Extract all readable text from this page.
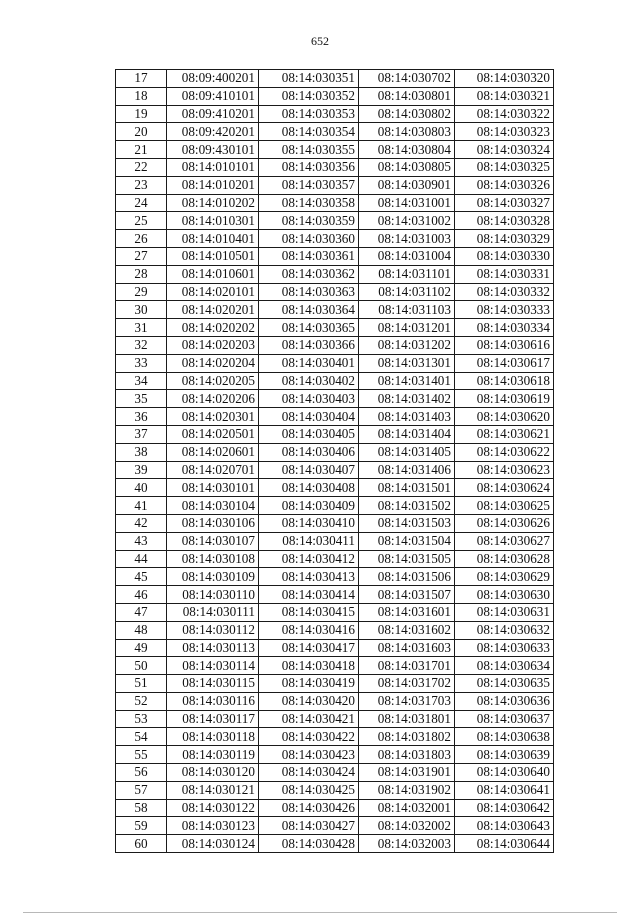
652
17	08:09:400201	08:14:030351	08:14:030702	08:14:030320
18	08:09:410101	08:14:030352	08:14:030801	08:14:030321
19	08:09:410201	08:14:030353	08:14:030802	08:14:030322
20	08:09:420201	08:14:030354	08:14:030803	08:14:030323
21	08:09:430101	08:14:030355	08:14:030804	08:14:030324
22	08:14:010101	08:14:030356	08:14:030805	08:14:030325
23	08:14:010201	08:14:030357	08:14:030901	08:14:030326
24	08:14:010202	08:14:030358	08:14:031001	08:14:030327
25	08:14:010301	08:14:030359	08:14:031002	08:14:030328
26	08:14:010401	08:14:030360	08:14:031003	08:14:030329
27	08:14:010501	08:14:030361	08:14:031004	08:14:030330
28	08:14:010601	08:14:030362	08:14:031101	08:14:030331
29	08:14:020101	08:14:030363	08:14:031102	08:14:030332
30	08:14:020201	08:14:030364	08:14:031103	08:14:030333
31	08:14:020202	08:14:030365	08:14:031201	08:14:030334
32	08:14:020203	08:14:030366	08:14:031202	08:14:030616
33	08:14:020204	08:14:030401	08:14:031301	08:14:030617
34	08:14:020205	08:14:030402	08:14:031401	08:14:030618
35	08:14:020206	08:14:030403	08:14:031402	08:14:030619
36	08:14:020301	08:14:030404	08:14:031403	08:14:030620
37	08:14:020501	08:14:030405	08:14:031404	08:14:030621
38	08:14:020601	08:14:030406	08:14:031405	08:14:030622
39	08:14:020701	08:14:030407	08:14:031406	08:14:030623
40	08:14:030101	08:14:030408	08:14:031501	08:14:030624
41	08:14:030104	08:14:030409	08:14:031502	08:14:030625
42	08:14:030106	08:14:030410	08:14:031503	08:14:030626
43	08:14:030107	08:14:030411	08:14:031504	08:14:030627
44	08:14:030108	08:14:030412	08:14:031505	08:14:030628
45	08:14:030109	08:14:030413	08:14:031506	08:14:030629
46	08:14:030110	08:14:030414	08:14:031507	08:14:030630
47	08:14:030111	08:14:030415	08:14:031601	08:14:030631
48	08:14:030112	08:14:030416	08:14:031602	08:14:030632
49	08:14:030113	08:14:030417	08:14:031603	08:14:030633
50	08:14:030114	08:14:030418	08:14:031701	08:14:030634
51	08:14:030115	08:14:030419	08:14:031702	08:14:030635
52	08:14:030116	08:14:030420	08:14:031703	08:14:030636
53	08:14:030117	08:14:030421	08:14:031801	08:14:030637
54	08:14:030118	08:14:030422	08:14:031802	08:14:030638
55	08:14:030119	08:14:030423	08:14:031803	08:14:030639
56	08:14:030120	08:14:030424	08:14:031901	08:14:030640
57	08:14:030121	08:14:030425	08:14:031902	08:14:030641
58	08:14:030122	08:14:030426	08:14:032001	08:14:030642
59	08:14:030123	08:14:030427	08:14:032002	08:14:030643
60	08:14:030124	08:14:030428	08:14:032003	08:14:030644
